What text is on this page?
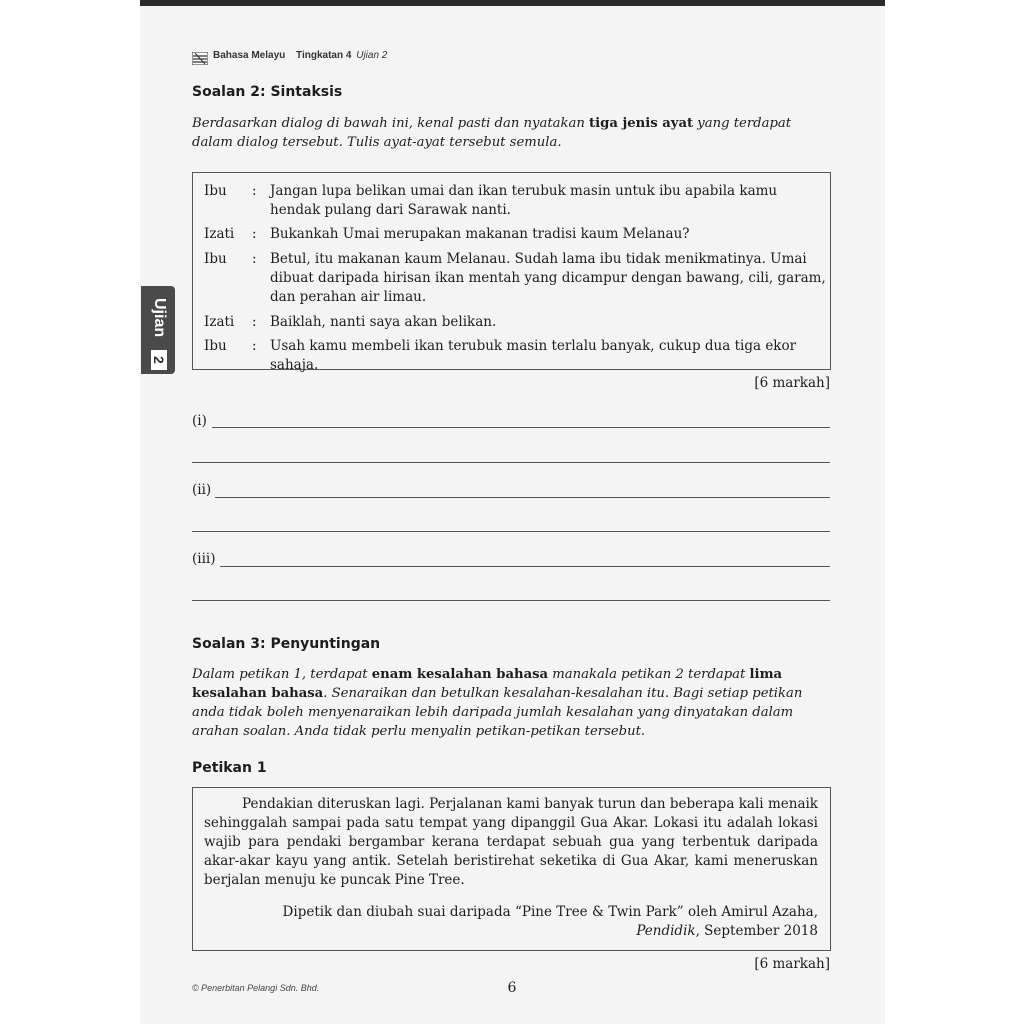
Bahasa Melayu Tingkatan 4 Ujian 2
Ujian
2
Soalan 2: Sintaksis
Berdasarkan dialog di bawah ini, kenal pasti dan nyatakan tiga jenis ayat yang terdapat dalam dialog tersebut. Tulis ayat-ayat tersebut semula.
Ibu	: Jangan lupa belikan umai dan ikan terubuk masin untuk ibu apabila kamu hendak pulang dari Sarawak nanti.
Izati	: Bukankah Umai merupakan makanan tradisi kaum Melanau?
Ibu	: Betul, itu makanan kaum Melanau. Sudah lama ibu tidak menikmatinya. Umai dibuat daripada hirisan ikan mentah yang dicampur dengan bawang, cili, garam, dan perahan air limau.
Izati	: Baiklah, nanti saya akan belikan.
Ibu	: Usah kamu membeli ikan terubuk masin terlalu banyak, cukup dua tiga ekor sahaja.
[6 markah]
(i)
(ii)
(iii)
Soalan 3: Penyuntingan
Dalam petikan 1, terdapat enam kesalahan bahasa manakala petikan 2 terdapat lima kesalahan bahasa. Senaraikan dan betulkan kesalahan-kesalahan itu. Bagi setiap petikan anda tidak boleh menyenaraikan lebih daripada jumlah kesalahan yang dinyatakan dalam arahan soalan. Anda tidak perlu menyalin petikan-petikan tersebut.
Petikan 1
Pendakian diteruskan lagi. Perjalanan kami banyak turun dan beberapa kali menaik sehinggalah sampai pada satu tempat yang dipanggil Gua Akar. Lokasi itu adalah lokasi wajib para pendaki bergambar kerana terdapat sebuah gua yang terbentuk daripada akar-akar kayu yang antik. Setelah beristirehat seketika di Gua Akar, kami meneruskan berjalan menuju ke puncak Pine Tree.
Dipetik dan diubah suai daripada “Pine Tree & Twin Park” oleh Amirul Azaha,
Pendidik, September 2018
[6 markah]
© Penerbitan Pelangi Sdn. Bhd.	6
